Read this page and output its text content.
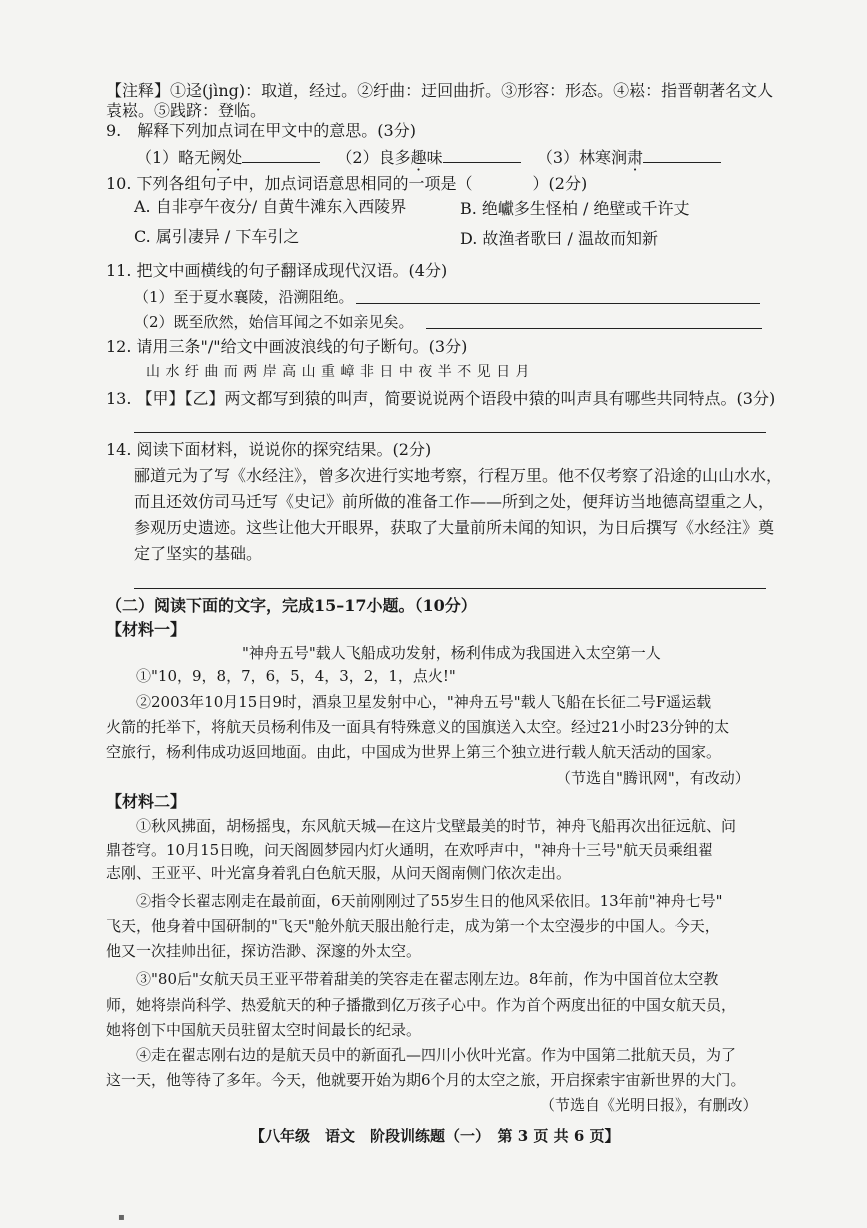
【注释】①迳(jìng)：取道，经过。②纡曲：迂回曲折。③形容：形态。④崧：指晋朝著名文人
袁崧。⑤践跻：登临。
9.　解释下列加点词在甲文中的意思。(3分)
（1）略无阙处	（2）良多趣味	（3）林寒涧肃
10. 下列各组句子中，加点词语意思相同的一项是（	）(2分)
A. 自非亭午夜分/ 自黄牛滩东入西陵界	B. 绝巘多生怪柏 / 绝壁或千许丈
C. 属引凄异 / 下车引之	D. 故渔者歌曰 / 温故而知新
11. 把文中画横线的句子翻译成现代汉语。(4分)
（1）至于夏水襄陵，沿溯阻绝。
（2）既至欣然，始信耳闻之不如亲见矣。
12. 请用三条"/"给文中画波浪线的句子断句。(3分)
山 水 纡 曲 而 两 岸 高 山 重 嶂 非 日 中 夜 半 不 见 日 月
13. 【甲】【乙】两文都写到猿的叫声，简要说说两个语段中猿的叫声具有哪些共同特点。(3分)
14. 阅读下面材料，说说你的探究结果。(2分)
郦道元为了写《水经注》，曾多次进行实地考察，行程万里。他不仅考察了沿途的山山水水，
而且还效仿司马迁写《史记》前所做的准备工作——所到之处，便拜访当地德高望重之人，
参观历史遗迹。这些让他大开眼界，获取了大量前所未闻的知识，为日后撰写《水经注》奠
定了坚实的基础。
（二）阅读下面的文字，完成15–17小题。（10分）
【材料一】
"神舟五号"载人飞船成功发射，杨利伟成为我国进入太空第一人
①"10，9，8，7，6，5，4，3，2，1，点火!"
②2003年10月15日9时，酒泉卫星发射中心，"神舟五号"载人飞船在长征二号F遥运载
火箭的托举下，将航天员杨利伟及一面具有特殊意义的国旗送入太空。经过21小时23分钟的太
空旅行，杨利伟成功返回地面。由此，中国成为世界上第三个独立进行载人航天活动的国家。
（节选自"腾讯网"，有改动）
【材料二】
①秋风拂面，胡杨摇曳，东风航天城—在这片戈壁最美的时节，神舟飞船再次出征远航、问
鼎苍穹。10月15日晚，问天阁圆梦园内灯火通明，在欢呼声中，"神舟十三号"航天员乘组翟
志刚、王亚平、叶光富身着乳白色航天服，从问天阁南侧门依次走出。
②指令长翟志刚走在最前面，6天前刚刚过了55岁生日的他风采依旧。13年前"神舟七号"
飞天，他身着中国研制的"飞天"舱外航天服出舱行走，成为第一个太空漫步的中国人。今天，
他又一次挂帅出征，探访浩渺、深邃的外太空。
③"80后"女航天员王亚平带着甜美的笑容走在翟志刚左边。8年前，作为中国首位太空教
师，她将崇尚科学、热爱航天的种子播撒到亿万孩子心中。作为首个两度出征的中国女航天员，
她将创下中国航天员驻留太空时间最长的纪录。
④走在翟志刚右边的是航天员中的新面孔—四川小伙叶光富。作为中国第二批航天员，为了
这一天，他等待了多年。今天，他就要开始为期6个月的太空之旅，开启探索宇宙新世界的大门。
（节选自《光明日报》，有删改）
【八年级　语文　阶段训练题（一）　第 3 页 共 6 页】
▪
